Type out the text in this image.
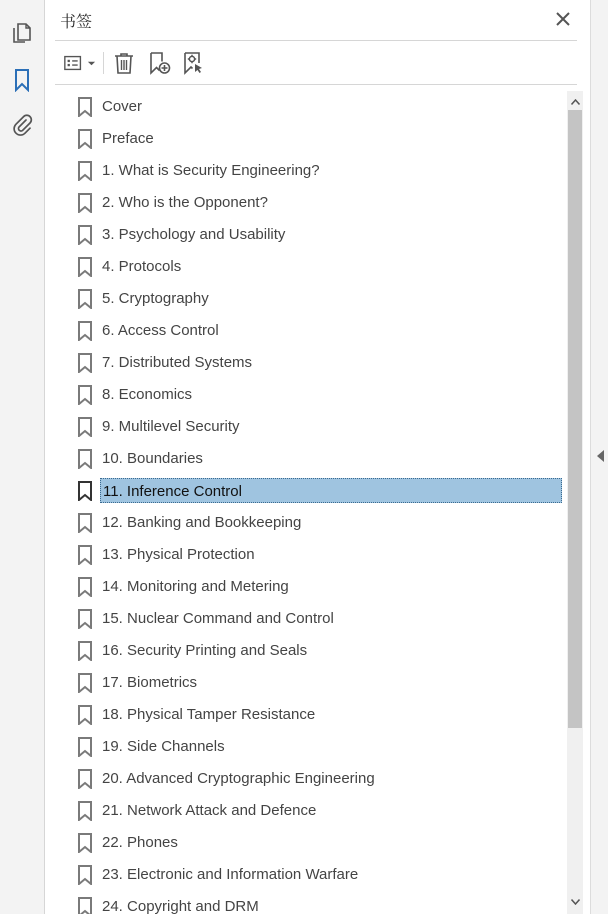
书签
Cover
Preface
1. What is Security Engineering?
2. Who is the Opponent?
3. Psychology and Usability
4. Protocols
5. Cryptography
6. Access Control
7. Distributed Systems
8. Economics
9. Multilevel Security
10. Boundaries
11. Inference Control
12. Banking and Bookkeeping
13. Physical Protection
14. Monitoring and Metering
15. Nuclear Command and Control
16. Security Printing and Seals
17. Biometrics
18. Physical Tamper Resistance
19. Side Channels
20. Advanced Cryptographic Engineering
21. Network Attack and Defence
22. Phones
23. Electronic and Information Warfare
24. Copyright and DRM
